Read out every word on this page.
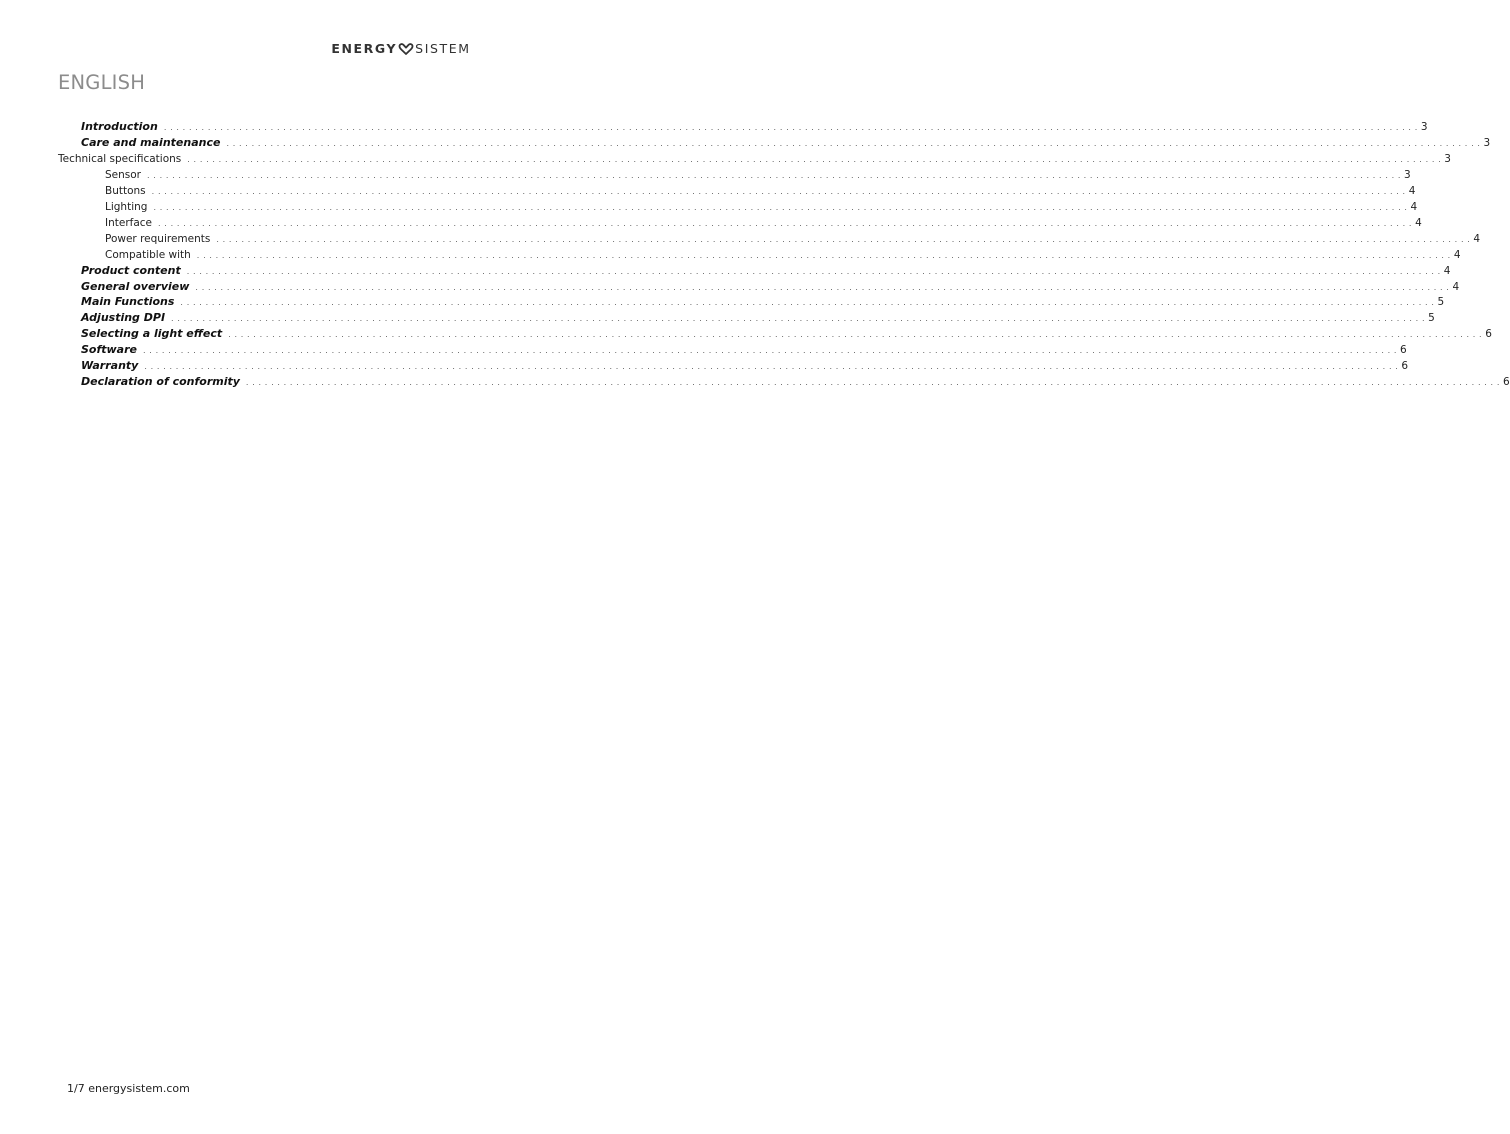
ENERGY SISTEM
ENGLISH
Introduction . . . . . . . . . . . . . . . . . . . . . . . . . . . . . . . . . . . . . . . . . . . . . . . . . . . . . . . . . . . . . . . . . . . . . . . . . . . . . . . . . . . . . . . . . . . . . . . . . . . . . . . . . . . . . . . . . . . . . . . . . . . . . . . . . . . . . . . . . . . . . . . . . . . . . . . . . . . . . . . . . . . . . . . . . . . . . . . . . . . . . . . . . . . . . . . . . . . . . . . . 3
Care and maintenance . . . . . . . . . . . . . . . . . . . . . . . . . . . . . . . . . . . . . . . . . . . . . . . . . . . . . . . . . . . . . . . . . . . . . . . . . . . . . . . . . . . . . . . . . . . . . . . . . . . . . . . . . . . . . . . . . . . . . . . . . . . . . . . . . . . . . . . . . . . . . . . . . . . . . . . . . . . . . . . . . . . . . . . . . . . . . . . . . . . . . . . . . . . . . . . . . . . . . . . . 3
Technical specifications . . . . . . . . . . . . . . . . . . . . . . . . . . . . . . . . . . . . . . . . . . . . . . . . . . . . . . . . . . . . . . . . . . . . . . . . . . . . . . . . . . . . . . . . . . . . . . . . . . . . . . . . . . . . . . . . . . . . . . . . . . . . . . . . . . . . . . . . . . . . . . . . . . . . . . . . . . . . . . . . . . . . . . . . . . . . . . . . . . . . . . . . . . . . . . . . . . . . . . . . 3
Sensor . . . . . . . . . . . . . . . . . . . . . . . . . . . . . . . . . . . . . . . . . . . . . . . . . . . . . . . . . . . . . . . . . . . . . . . . . . . . . . . . . . . . . . . . . . . . . . . . . . . . . . . . . . . . . . . . . . . . . . . . . . . . . . . . . . . . . . . . . . . . . . . . . . . . . . . . . . . . . . . . . . . . . . . . . . . . . . . . . . . . . . . . . . . . . . . . . . . . . . . . 3
Buttons . . . . . . . . . . . . . . . . . . . . . . . . . . . . . . . . . . . . . . . . . . . . . . . . . . . . . . . . . . . . . . . . . . . . . . . . . . . . . . . . . . . . . . . . . . . . . . . . . . . . . . . . . . . . . . . . . . . . . . . . . . . . . . . . . . . . . . . . . . . . . . . . . . . . . . . . . . . . . . . . . . . . . . . . . . . . . . . . . . . . . . . . . . . . . . . . . . . . . . . . 4
Lighting . . . . . . . . . . . . . . . . . . . . . . . . . . . . . . . . . . . . . . . . . . . . . . . . . . . . . . . . . . . . . . . . . . . . . . . . . . . . . . . . . . . . . . . . . . . . . . . . . . . . . . . . . . . . . . . . . . . . . . . . . . . . . . . . . . . . . . . . . . . . . . . . . . . . . . . . . . . . . . . . . . . . . . . . . . . . . . . . . . . . . . . . . . . . . . . . . . . . . . . . 4
Interface . . . . . . . . . . . . . . . . . . . . . . . . . . . . . . . . . . . . . . . . . . . . . . . . . . . . . . . . . . . . . . . . . . . . . . . . . . . . . . . . . . . . . . . . . . . . . . . . . . . . . . . . . . . . . . . . . . . . . . . . . . . . . . . . . . . . . . . . . . . . . . . . . . . . . . . . . . . . . . . . . . . . . . . . . . . . . . . . . . . . . . . . . . . . . . . . . . . . . . . . 4
Power requirements . . . . . . . . . . . . . . . . . . . . . . . . . . . . . . . . . . . . . . . . . . . . . . . . . . . . . . . . . . . . . . . . . . . . . . . . . . . . . . . . . . . . . . . . . . . . . . . . . . . . . . . . . . . . . . . . . . . . . . . . . . . . . . . . . . . . . . . . . . . . . . . . . . . . . . . . . . . . . . . . . . . . . . . . . . . . . . . . . . . . . . . . . . . . . . . . . . . . . . . . 4
Compatible with . . . . . . . . . . . . . . . . . . . . . . . . . . . . . . . . . . . . . . . . . . . . . . . . . . . . . . . . . . . . . . . . . . . . . . . . . . . . . . . . . . . . . . . . . . . . . . . . . . . . . . . . . . . . . . . . . . . . . . . . . . . . . . . . . . . . . . . . . . . . . . . . . . . . . . . . . . . . . . . . . . . . . . . . . . . . . . . . . . . . . . . . . . . . . . . . . . . . . . . . 4
Product content . . . . . . . . . . . . . . . . . . . . . . . . . . . . . . . . . . . . . . . . . . . . . . . . . . . . . . . . . . . . . . . . . . . . . . . . . . . . . . . . . . . . . . . . . . . . . . . . . . . . . . . . . . . . . . . . . . . . . . . . . . . . . . . . . . . . . . . . . . . . . . . . . . . . . . . . . . . . . . . . . . . . . . . . . . . . . . . . . . . . . . . . . . . . . . . . . . . . . . . . 4
General overview . . . . . . . . . . . . . . . . . . . . . . . . . . . . . . . . . . . . . . . . . . . . . . . . . . . . . . . . . . . . . . . . . . . . . . . . . . . . . . . . . . . . . . . . . . . . . . . . . . . . . . . . . . . . . . . . . . . . . . . . . . . . . . . . . . . . . . . . . . . . . . . . . . . . . . . . . . . . . . . . . . . . . . . . . . . . . . . . . . . . . . . . . . . . . . . . . . . . . . . . 4
Main Functions . . . . . . . . . . . . . . . . . . . . . . . . . . . . . . . . . . . . . . . . . . . . . . . . . . . . . . . . . . . . . . . . . . . . . . . . . . . . . . . . . . . . . . . . . . . . . . . . . . . . . . . . . . . . . . . . . . . . . . . . . . . . . . . . . . . . . . . . . . . . . . . . . . . . . . . . . . . . . . . . . . . . . . . . . . . . . . . . . . . . . . . . . . . . . . . . . . . . . . . . 5
Adjusting DPI . . . . . . . . . . . . . . . . . . . . . . . . . . . . . . . . . . . . . . . . . . . . . . . . . . . . . . . . . . . . . . . . . . . . . . . . . . . . . . . . . . . . . . . . . . . . . . . . . . . . . . . . . . . . . . . . . . . . . . . . . . . . . . . . . . . . . . . . . . . . . . . . . . . . . . . . . . . . . . . . . . . . . . . . . . . . . . . . . . . . . . . . . . . . . . . . . . . . . . . . 5
Selecting a light effect . . . . . . . . . . . . . . . . . . . . . . . . . . . . . . . . . . . . . . . . . . . . . . . . . . . . . . . . . . . . . . . . . . . . . . . . . . . . . . . . . . . . . . . . . . . . . . . . . . . . . . . . . . . . . . . . . . . . . . . . . . . . . . . . . . . . . . . . . . . . . . . . . . . . . . . . . . . . . . . . . . . . . . . . . . . . . . . . . . . . . . . . . . . . . . . . . . . . . . . . 6
Software . . . . . . . . . . . . . . . . . . . . . . . . . . . . . . . . . . . . . . . . . . . . . . . . . . . . . . . . . . . . . . . . . . . . . . . . . . . . . . . . . . . . . . . . . . . . . . . . . . . . . . . . . . . . . . . . . . . . . . . . . . . . . . . . . . . . . . . . . . . . . . . . . . . . . . . . . . . . . . . . . . . . . . . . . . . . . . . . . . . . . . . . . . . . . . . . . . . . . . . . 6
Warranty . . . . . . . . . . . . . . . . . . . . . . . . . . . . . . . . . . . . . . . . . . . . . . . . . . . . . . . . . . . . . . . . . . . . . . . . . . . . . . . . . . . . . . . . . . . . . . . . . . . . . . . . . . . . . . . . . . . . . . . . . . . . . . . . . . . . . . . . . . . . . . . . . . . . . . . . . . . . . . . . . . . . . . . . . . . . . . . . . . . . . . . . . . . . . . . . . . . . . . . . 6
Declaration of conformity . . . . . . . . . . . . . . . . . . . . . . . . . . . . . . . . . . . . . . . . . . . . . . . . . . . . . . . . . . . . . . . . . . . . . . . . . . . . . . . . . . . . . . . . . . . . . . . . . . . . . . . . . . . . . . . . . . . . . . . . . . . . . . . . . . . . . . . . . . . . . . . . . . . . . . . . . . . . . . . . . . . . . . . . . . . . . . . . . . . . . . . . . . . . . . . . . . . . . . . . 6
1/7 energysistem.com
